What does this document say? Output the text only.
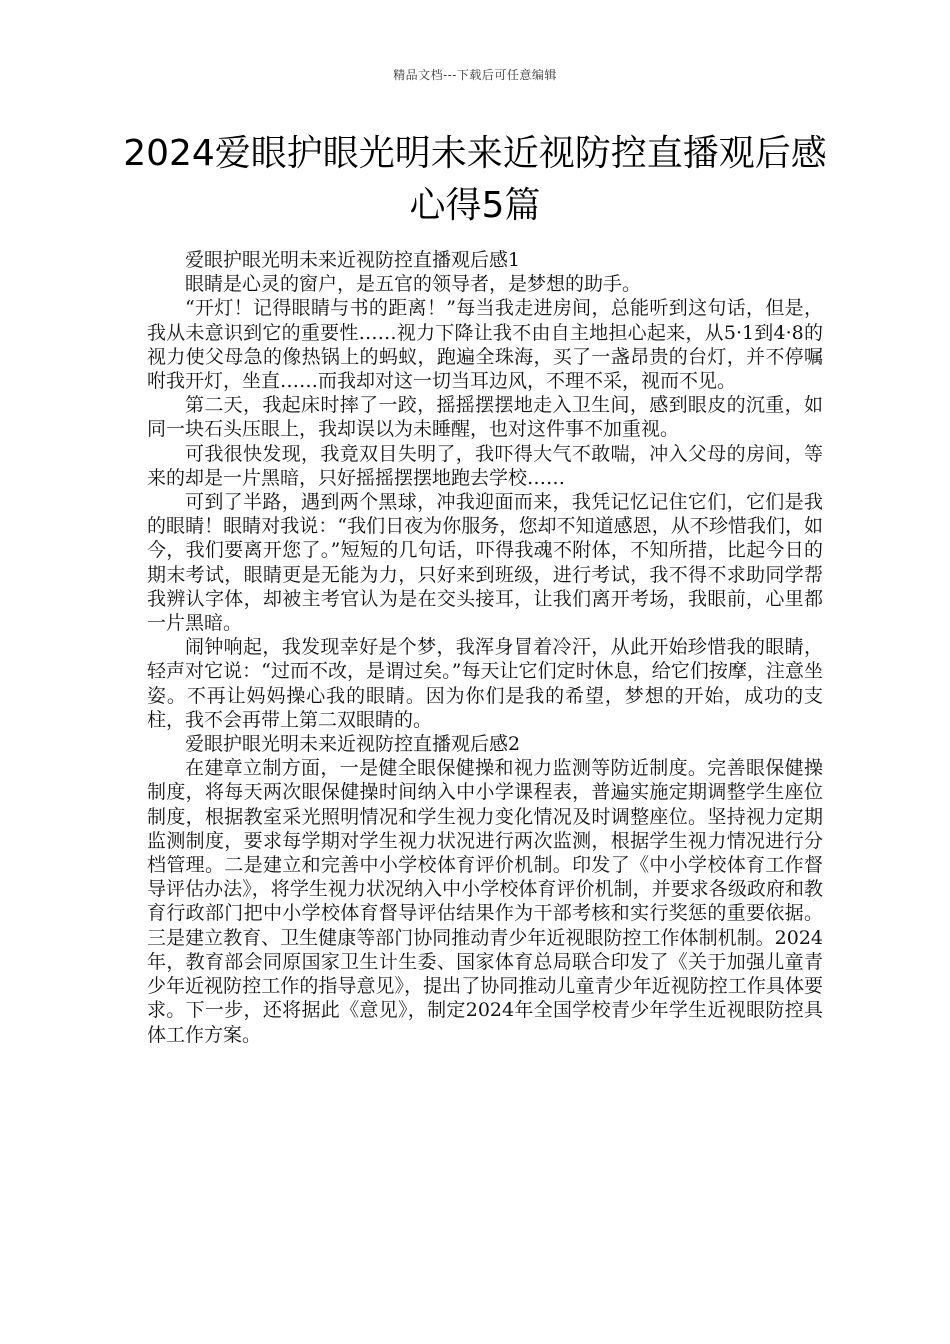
精品文档---下载后可任意编辑
2024爱眼护眼光明未来近视防控直播观后感心得5篇

爱眼护眼光明未来近视防控直播观后感1

眼睛是心灵的窗户，是五官的领导者，是梦想的助手。

“开灯！记得眼睛与书的距离！”每当我走进房间，总能听到这句话，但是，我从未意识到它的重要性……视力下降让我不由自主地担心起来，从5·1到4·8的视力使父母急的像热锅上的蚂蚁，跑遍全珠海，买了一盏昂贵的台灯，并不停嘱咐我开灯，坐直……而我却对这一切当耳边风，不理不采，视而不见。

第二天，我起床时摔了一跤，摇摇摆摆地走入卫生间，感到眼皮的沉重，如同一块石头压眼上，我却误以为未睡醒，也对这件事不加重视。

可我很快发现，我竟双目失明了，我吓得大气不敢喘，冲入父母的房间，等来的却是一片黑暗，只好摇摇摆摆地跑去学校……

可到了半路，遇到两个黑球，冲我迎面而来，我凭记忆记住它们，它们是我的眼睛！眼睛对我说：“我们日夜为你服务，您却不知道感恩，从不珍惜我们，如今，我们要离开您了。”短短的几句话，吓得我魂不附体，不知所措，比起今日的期末考试，眼睛更是无能为力，只好来到班级，进行考试，我不得不求助同学帮我辨认字体，却被主考官认为是在交头接耳，让我们离开考场，我眼前，心里都一片黑暗。

闹钟响起，我发现幸好是个梦，我浑身冒着冷汗，从此开始珍惜我的眼睛，轻声对它说：“过而不改，是谓过矣。”每天让它们定时休息，给它们按摩，注意坐姿。不再让妈妈操心我的眼睛。因为你们是我的希望，梦想的开始，成功的支柱，我不会再带上第二双眼睛的。

爱眼护眼光明未来近视防控直播观后感2

在建章立制方面，一是健全眼保健操和视力监测等防近制度。完善眼保健操制度，将每天两次眼保健操时间纳入中小学课程表，普遍实施定期调整学生座位制度，根据教室采光照明情况和学生视力变化情况及时调整座位。坚持视力定期监测制度，要求每学期对学生视力状况进行两次监测，根据学生视力情况进行分档管理。二是建立和完善中小学校体育评价机制。印发了《中小学校体育工作督导评估办法》，将学生视力状况纳入中小学校体育评价机制，并要求各级政府和教育行政部门把中小学校体育督导评估结果作为干部考核和实行奖惩的重要依据。三是建立教育、卫生健康等部门协同推动青少年近视眼防控工作体制机制。2024年，教育部会同原国家卫生计生委、国家体育总局联合印发了《关于加强儿童青少年近视防控工作的指导意见》，提出了协同推动儿童青少年近视防控工作具体要求。下一步，还将据此《意见》，制定2024年全国学校青少年学生近视眼防控具体工作方案。
